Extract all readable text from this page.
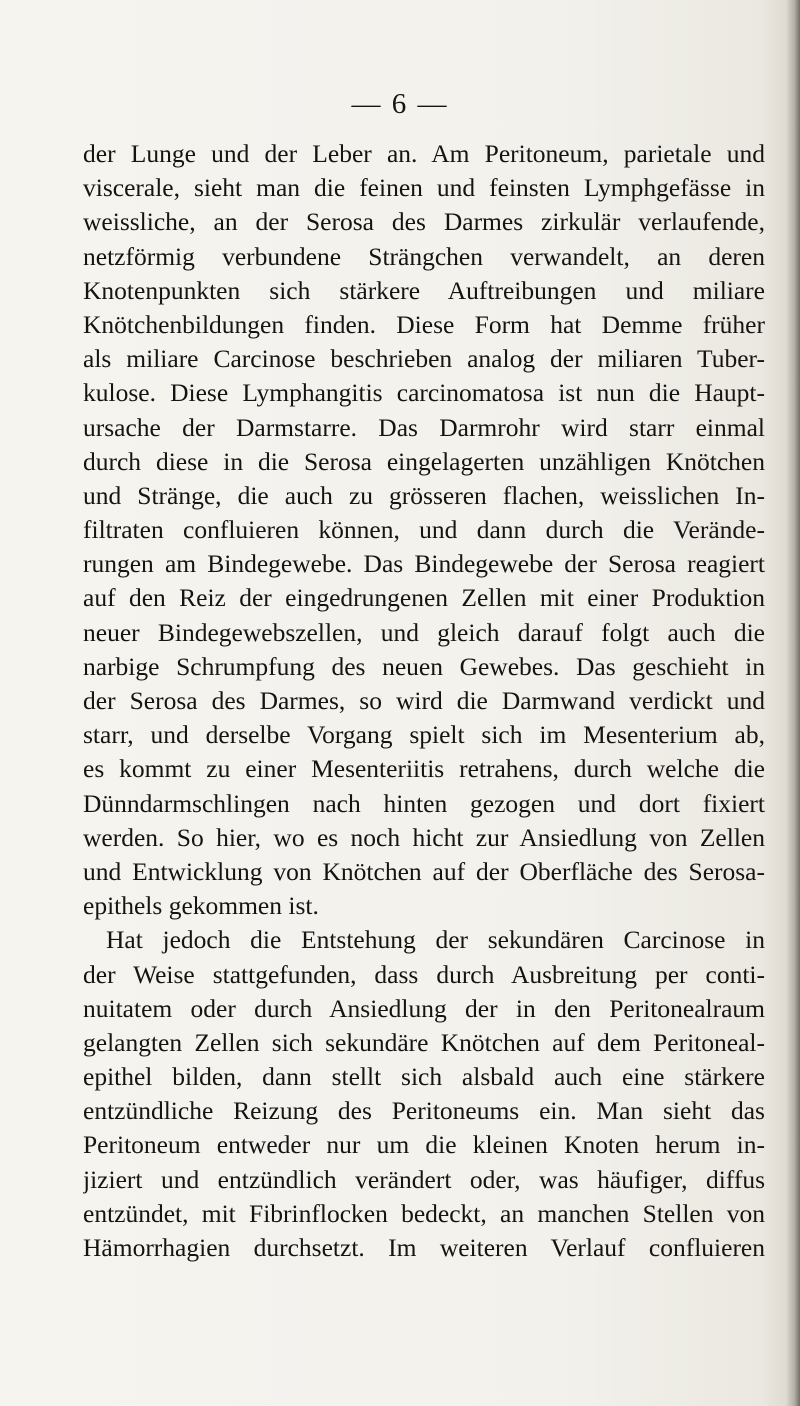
— 6 —
der Lunge und der Leber an. Am Peritoneum, parietale und
viscerale, sieht man die feinen und feinsten Lymphgefässe in
weissliche, an der Serosa des Darmes zirkulär verlaufende,
netzförmig verbundene Strängchen verwandelt, an deren
Knotenpunkten sich stärkere Auftreibungen und miliare
Knötchenbildungen finden. Diese Form hat Demme früher
als miliare Carcinose beschrieben analog der miliaren Tuber-
kulose. Diese Lymphangitis carcinomatosa ist nun die Haupt-
ursache der Darmstarre. Das Darmrohr wird starr einmal
durch diese in die Serosa eingelagerten unzähligen Knötchen
und Stränge, die auch zu grösseren flachen, weisslichen In-
filtraten confluieren können, und dann durch die Verände-
rungen am Bindegewebe. Das Bindegewebe der Serosa reagiert
auf den Reiz der eingedrungenen Zellen mit einer Produktion
neuer Bindegewebszellen, und gleich darauf folgt auch die
narbige Schrumpfung des neuen Gewebes. Das geschieht in
der Serosa des Darmes, so wird die Darmwand verdickt und
starr, und derselbe Vorgang spielt sich im Mesenterium ab,
es kommt zu einer Mesenteriitis retrahens, durch welche die
Dünndarmschlingen nach hinten gezogen und dort fixiert
werden. So hier, wo es noch hicht zur Ansiedlung von Zellen
und Entwicklung von Knötchen auf der Oberfläche des Serosa-
epithels gekommen ist.
Hat jedoch die Entstehung der sekundären Carcinose in
der Weise stattgefunden, dass durch Ausbreitung per conti-
nuitatem oder durch Ansiedlung der in den Peritonealraum
gelangten Zellen sich sekundäre Knötchen auf dem Peritoneal-
epithel bilden, dann stellt sich alsbald auch eine stärkere
entzündliche Reizung des Peritoneums ein. Man sieht das
Peritoneum entweder nur um die kleinen Knoten herum in-
jiziert und entzündlich verändert oder, was häufiger, diffus
entzündet, mit Fibrinflocken bedeckt, an manchen Stellen von
Hämorrhagien durchsetzt. Im weiteren Verlauf confluieren
